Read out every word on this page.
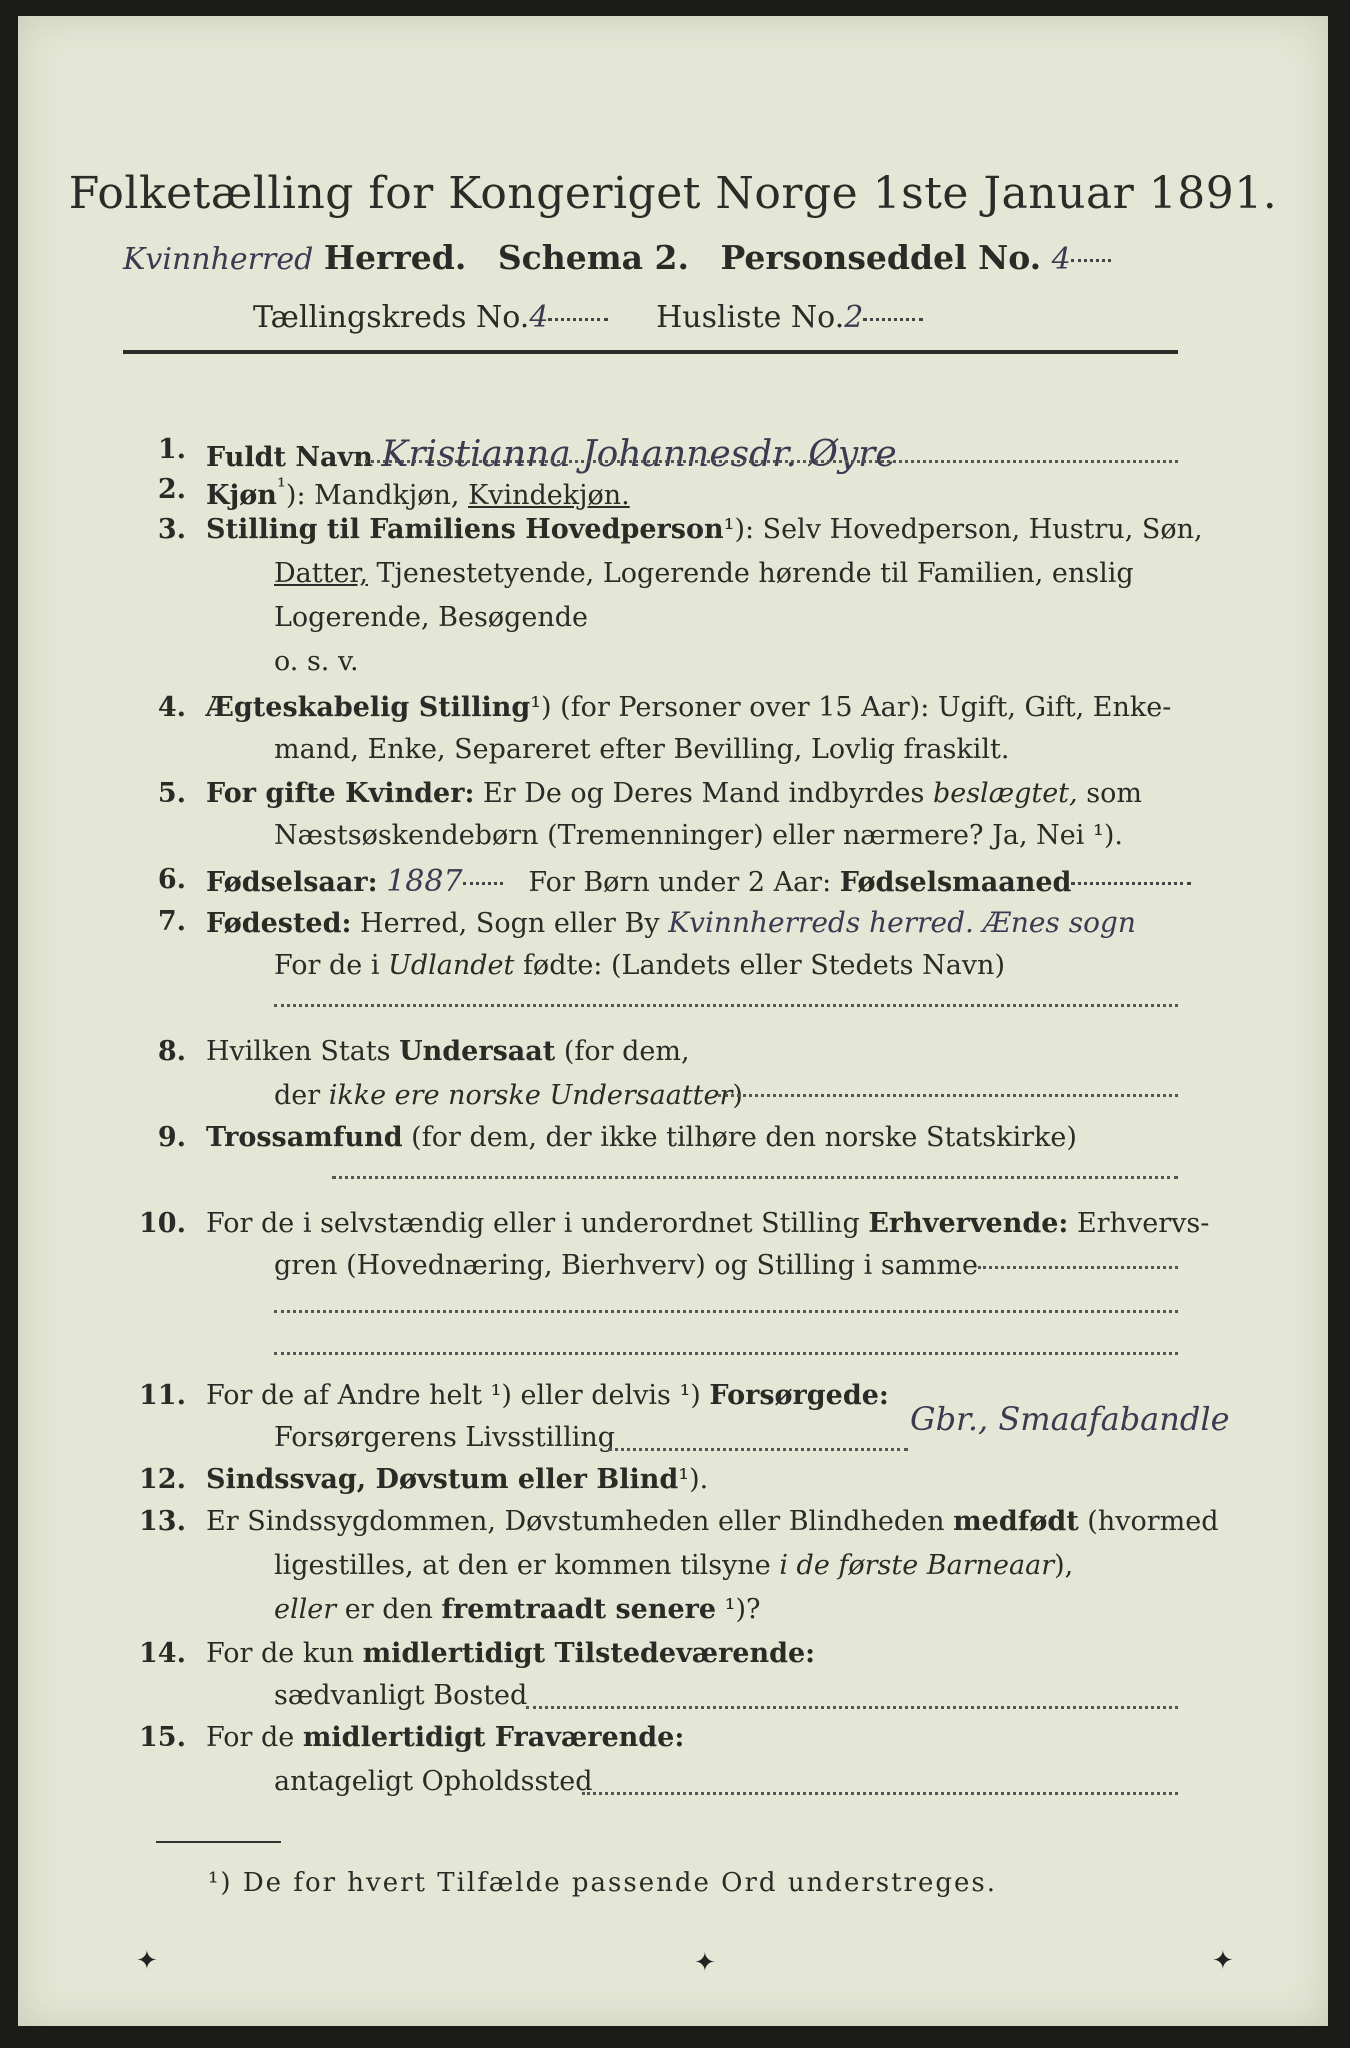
Folketælling for Kongeriget Norge 1ste Januar 1891.
Kvinnherred Herred. Schema 2. Personseddel No. 4
Tællingskreds No.4	Husliste No.2
1. Fuldt Navn Kristianna Johannesdr. Øyre
2. Kjøn$^{^1}$): Mandkjøn, Kvindekjøn.
3. Stilling til Familiens Hovedperson¹): Selv Hovedperson, Hustru, Søn,
Datter, Tjenestetyende, Logerende hørende til Familien, enslig
Logerende, Besøgende
o. s. v.
4. Ægteskabelig Stilling¹) (for Personer over 15 Aar): Ugift, Gift, Enke-
mand, Enke, Separeret efter Bevilling, Lovlig fraskilt.
5. For gifte Kvinder: Er De og Deres Mand indbyrdes beslægtet, som
Næstsøskendebørn (Tremenninger) eller nærmere? Ja, Nei ¹).
6. Fødselsaar: 1887 For Børn under 2 Aar: Fødselsmaaned
7. Fødested: Herred, Sogn eller By Kvinnherreds herred. Ænes sogn
For de i Udlandet fødte: (Landets eller Stedets Navn)
8. Hvilken Stats Undersaat (for dem,
der ikke ere norske Undersaatter)
9. Trossamfund (for dem, der ikke tilhøre den norske Statskirke)
10. For de i selvstændig eller i underordnet Stilling Erhvervende: Erhvervs-
gren (Hovednæring, Bierhverv) og Stilling i samme
11. For de af Andre helt ¹) eller delvis ¹) Forsørgede:
Forsørgerens Livsstilling	Gbr., Smaafabandle
12. Sindssvag, Døvstum eller Blind¹).
13. Er Sindssygdommen, Døvstumheden eller Blindheden medfødt (hvormed
ligestilles, at den er kommen tilsyne i de første Barneaar),
eller er den fremtraadt senere ¹)?
14. For de kun midlertidigt Tilstedeværende:
sædvanligt Bosted
15. For de midlertidigt Fraværende:
antageligt Opholdssted
¹) De for hvert Tilfælde passende Ord understreges.
✦	✦	✦
